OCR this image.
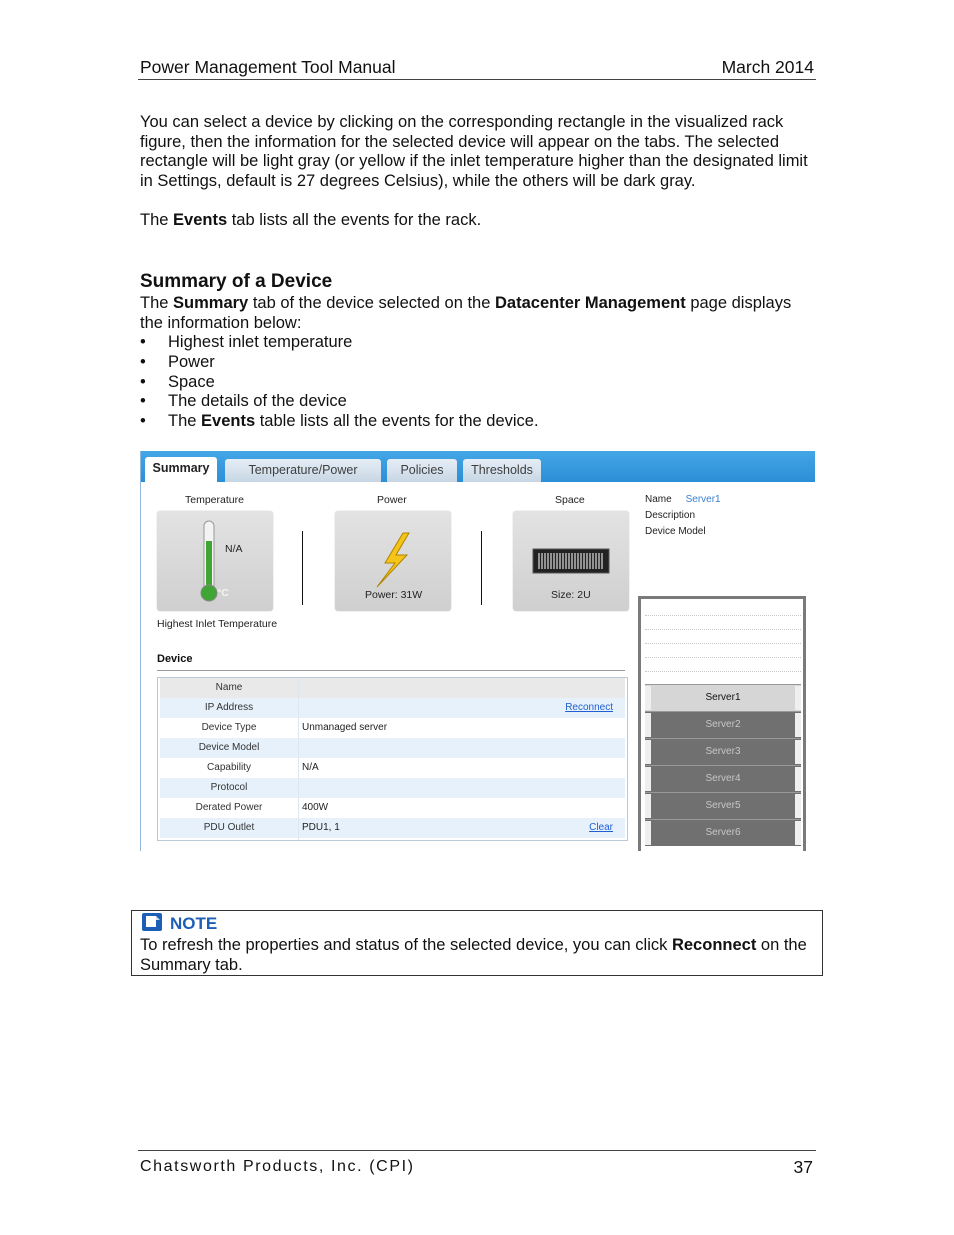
Power Management Tool Manual	March 2014
You can select a device by clicking on the corresponding rectangle in the visualized rack figure, then the information for the selected device will appear on the tabs. The selected rectangle will be light gray (or yellow if the inlet temperature higher than the designated limit in Settings, default is 27 degrees Celsius), while the others will be dark gray.
The Events tab lists all the events for the rack.
Summary of a Device
The Summary tab of the device selected on the Datacenter Management page displays the information below:
• Highest inlet temperature
• Power
• Space
• The details of the device
• The Events table lists all the events for the device.
Summary	Temperature/Power	Policies	Thresholds
Temperature	Power	Space
N/A
°C	Power: 31W	Size: 2U
Highest Inlet Temperature
Name Server1
Description
Device Model
Device
Name
IP Address	Reconnect
Device Type	Unmanaged server
Device Model
Capability	N/A
Protocol
Derated Power	400W
PDU Outlet	PDU1, 1	Clear
Server1
Server2
Server3
Server4
Server5
Server6
NOTE
To refresh the properties and status of the selected device, you can click Reconnect on the Summary tab.
Chatsworth Products, Inc. (CPI)	37
